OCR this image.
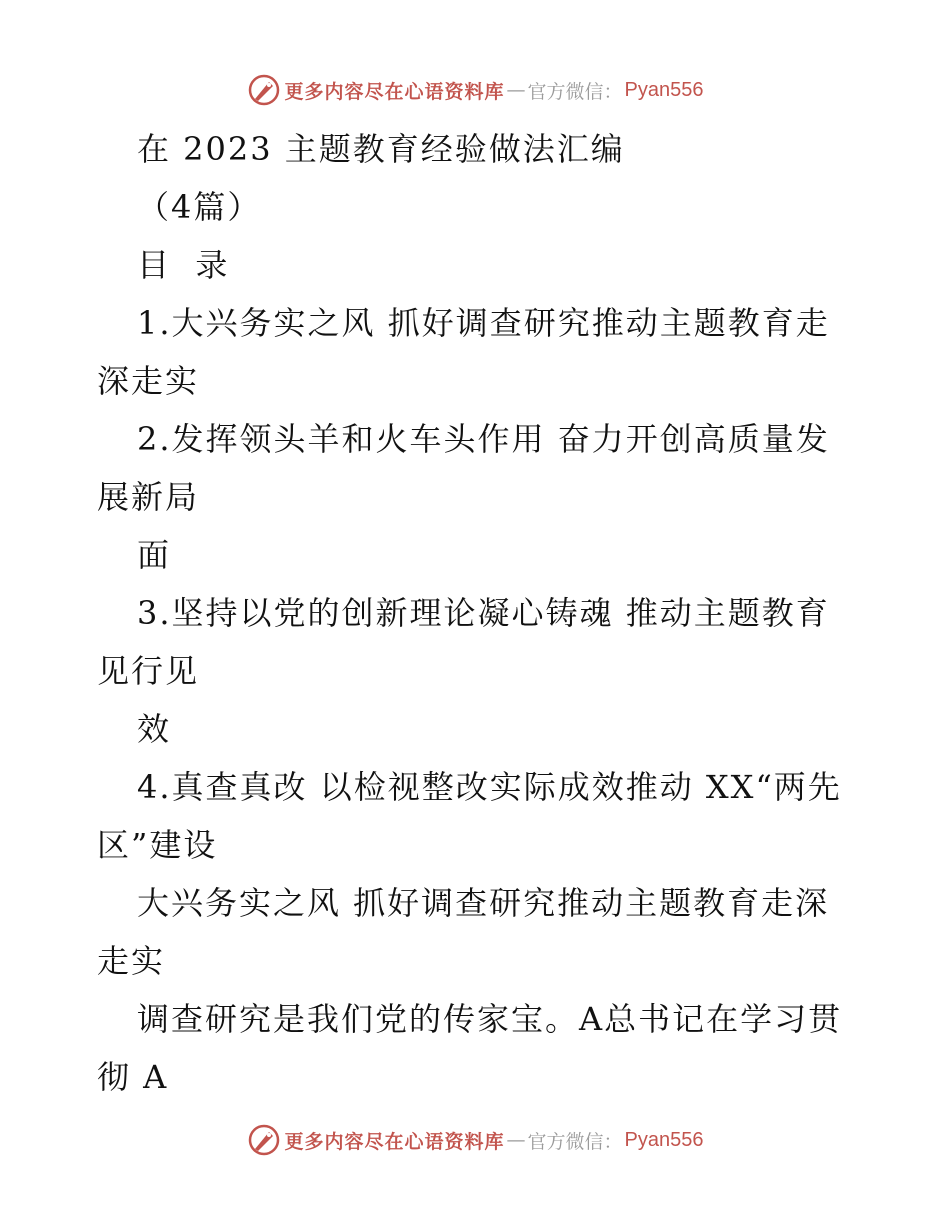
更多内容尽在心语资料库 — 官方微信： Pyan556
在 2023 主题教育经验做法汇编
（4篇）
目  录
1.大兴务实之风 抓好调查研究推动主题教育走
深走实
2.发挥领头羊和火车头作用 奋力开创高质量发
展新局
面
3.坚持以党的创新理论凝心铸魂 推动主题教育
见行见
效
4.真查真改 以检视整改实际成效推动 XX“两先
区”建设
大兴务实之风 抓好调查研究推动主题教育走深
走实
调查研究是我们党的传家宝。A总书记在学习贯
彻 A
更多内容尽在心语资料库 — 官方微信： Pyan556
